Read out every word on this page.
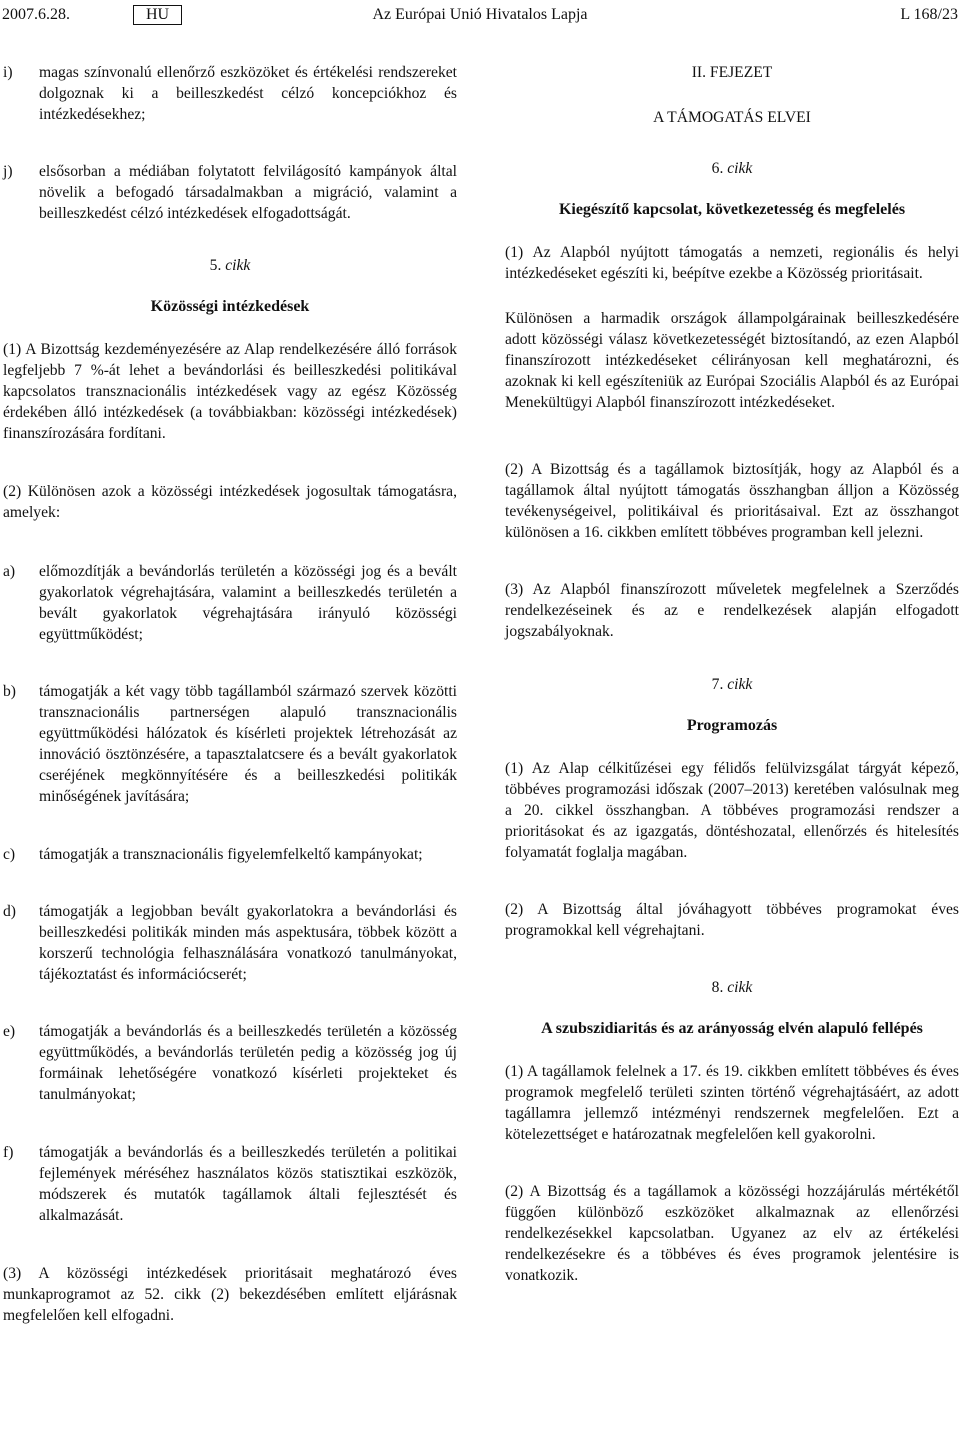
2007.6.28.	HU	Az Európai Unió Hivatalos Lapja	L 168/23
i)	magas színvonalú ellenőrző eszközöket és értékelési rendszereket dolgoznak ki a beilleszkedést célzó koncepciókhoz és intézkedésekhez;
j)	elsősorban a médiában folytatott felvilágosító kampányok által növelik a befogadó társadalmakban a migráció, valamint a beilleszkedést célzó intézkedések elfogadottságát.

5. cikk

Közösségi intézkedések

(1) A Bizottság kezdeményezésére az Alap rendelkezésére álló források legfeljebb 7 %-át lehet a bevándorlási és beilleszkedési politikával kapcsolatos transznacionális intézkedések vagy az egész Közösség érdekében álló intézkedések (a továbbiakban: közösségi intézkedések) finanszírozására fordítani.

(2) Különösen azok a közösségi intézkedések jogosultak támogatásra, amelyek:

a)	előmozdítják a bevándorlás területén a közösségi jog és a bevált gyakorlatok végrehajtására, valamint a beilleszkedés területén a bevált gyakorlatok végrehajtására irányuló közösségi együttműködést;
b)	támogatják a két vagy több tagállamból származó szervek közötti transznacionális partnerségen alapuló transznacionális együttműködési hálózatok és kísérleti projektek létrehozását az innováció ösztönzésére, a tapasztalatcsere és a bevált gyakorlatok cseréjének megkönnyítésére és a beilleszkedési politikák minőségének javítására;
c)	támogatják a transznacionális figyelemfelkeltő kampányokat;
d)	támogatják a legjobban bevált gyakorlatokra a bevándorlási és beilleszkedési politikák minden más aspektusára, többek között a korszerű technológia felhasználására vonatkozó tanulmányokat, tájékoztatást és információcserét;
e)	támogatják a bevándorlás és a beilleszkedés területén a közösség együttműködés, a bevándorlás területén pedig a közösség jog új formáinak lehetőségére vonatkozó kísérleti projekteket és tanulmányokat;
f)	támogatják a bevándorlás és a beilleszkedés területén a politikai fejlemények méréséhez használatos közös statisztikai eszközök, módszerek és mutatók tagállamok általi fejlesztését és alkalmazását.

(3) A közösségi intézkedések prioritásait meghatározó éves munkaprogramot az 52. cikk (2) bekezdésében említett eljárásnak megfelelően kell elfogadni.

II. FEJEZET

A TÁMOGATÁS ELVEI

6. cikk

Kiegészítő kapcsolat, következetesség és megfelelés

(1) Az Alapból nyújtott támogatás a nemzeti, regionális és helyi intézkedéseket egészíti ki, beépítve ezekbe a Közösség prioritásait.

Különösen a harmadik országok állampolgárainak beilleszkedésére adott közösségi válasz következetességét biztosítandó, az ezen Alapból finanszírozott intézkedéseket célirányosan kell meghatározni, és azoknak ki kell egészíteniük az Európai Szociális Alapból és az Európai Menekültügyi Alapból finanszírozott intézkedéseket.

(2) A Bizottság és a tagállamok biztosítják, hogy az Alapból és a tagállamok által nyújtott támogatás összhangban álljon a Közösség tevékenységeivel, politikáival és prioritásaival. Ezt az összhangot különösen a 16. cikkben említett többéves programban kell jelezni.

(3) Az Alapból finanszírozott műveletek megfelelnek a Szerződés rendelkezéseinek és az e rendelkezések alapján elfogadott jogszabályoknak.

7. cikk

Programozás

(1) Az Alap célkitűzései egy félidős felülvizsgálat tárgyát képező, többéves programozási időszak (2007–2013) keretében valósulnak meg a 20. cikkel összhangban. A többéves programozási rendszer a prioritásokat és az igazgatás, döntéshozatal, ellenőrzés és hitelesítés folyamatát foglalja magában.

(2) A Bizottság által jóváhagyott többéves programokat éves programokkal kell végrehajtani.

8. cikk

A szubszidiaritás és az arányosság elvén alapuló fellépés

(1) A tagállamok felelnek a 17. és 19. cikkben említett többéves és éves programok megfelelő területi szinten történő végrehajtásáért, az adott tagállamra jellemző intézményi rendszernek megfelelően. Ezt a kötelezettséget e határozatnak megfelelően kell gyakorolni.

(2) A Bizottság és a tagállamok a közösségi hozzájárulás mértékétől függően különböző eszközöket alkalmaznak az ellenőrzési rendelkezésekkel kapcsolatban. Ugyanez az elv az értékelési rendelkezésekre és a többéves és éves programok jelentésire is vonatkozik.
